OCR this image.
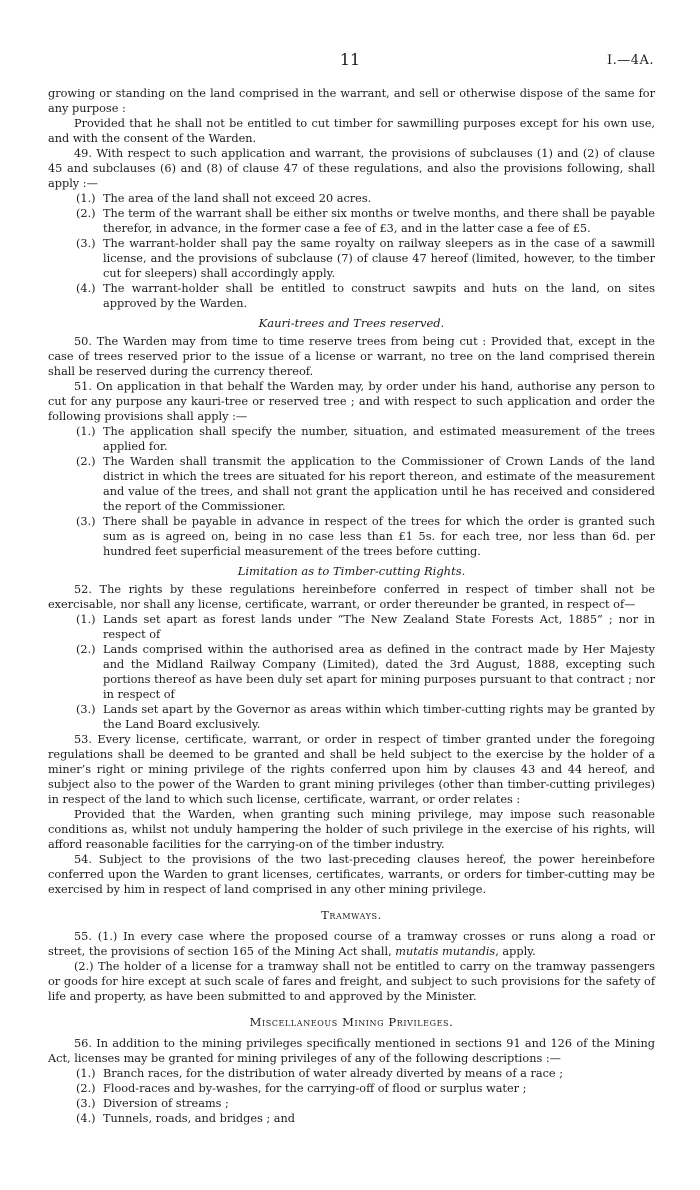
11	I.—4A.

growing or standing on the land comprised in the warrant, and sell or otherwise dispose of the same for any purpose :

Provided that he shall not be entitled to cut timber for sawmilling purposes except for his own use, and with the consent of the Warden.

49. With respect to such application and warrant, the provisions of subclauses (1) and (2) of clause 45 and subclauses (6) and (8) of clause 47 of these regulations, and also the provisions following, shall apply :—

(1.) The area of the land shall not exceed 20 acres.

(2.) The term of the warrant shall be either six months or twelve months, and there shall be payable therefor, in advance, in the former case a fee of £3, and in the latter case a fee of £5.

(3.) The warrant-holder shall pay the same royalty on railway sleepers as in the case of a sawmill license, and the provisions of subclause (7) of clause 47 hereof (limited, however, to the timber cut for sleepers) shall accordingly apply.

(4.) The warrant-holder shall be entitled to construct sawpits and huts on the land, on sites approved by the Warden.

Kauri-trees and Trees reserved.

50. The Warden may from time to time reserve trees from being cut : Provided that, except in the case of trees reserved prior to the issue of a license or warrant, no tree on the land comprised therein shall be reserved during the currency thereof.

51. On application in that behalf the Warden may, by order under his hand, authorise any person to cut for any purpose any kauri-tree or reserved tree ; and with respect to such application and order the following provisions shall apply :—

(1.) The application shall specify the number, situation, and estimated measurement of the trees applied for.

(2.) The Warden shall transmit the application to the Commissioner of Crown Lands of the land district in which the trees are situated for his report thereon, and estimate of the measurement and value of the trees, and shall not grant the application until he has received and considered the report of the Commissioner.

(3.) There shall be payable in advance in respect of the trees for which the order is granted such sum as is agreed on, being in no case less than £1 5s. for each tree, nor less than 6d. per hundred feet superficial measurement of the trees before cutting.

Limitation as to Timber-cutting Rights.

52. The rights by these regulations hereinbefore conferred in respect of timber shall not be exercisable, nor shall any license, certificate, warrant, or order thereunder be granted, in respect of—

(1.) Lands set apart as forest lands under “The New Zealand State Forests Act, 1885” ; nor in respect of

(2.) Lands comprised within the authorised area as defined in the contract made by Her Majesty and the Midland Railway Company (Limited), dated the 3rd August, 1888, excepting such portions thereof as have been duly set apart for mining purposes pursuant to that contract ; nor in respect of

(3.) Lands set apart by the Governor as areas within which timber-cutting rights may be granted by the Land Board exclusively.

53. Every license, certificate, warrant, or order in respect of timber granted under the foregoing regulations shall be deemed to be granted and shall be held subject to the exercise by the holder of a miner’s right or mining privilege of the rights conferred upon him by clauses 43 and 44 hereof, and subject also to the power of the Warden to grant mining privileges (other than timber-cutting privileges) in respect of the land to which such license, certificate, warrant, or order relates :

Provided that the Warden, when granting such mining privilege, may impose such reasonable conditions as, whilst not unduly hampering the holder of such privilege in the exercise of his rights, will afford reasonable facilities for the carrying-on of the timber industry.

54. Subject to the provisions of the two last-preceding clauses hereof, the power hereinbefore conferred upon the Warden to grant licenses, certificates, warrants, or orders for timber-cutting may be exercised by him in respect of land comprised in any other mining privilege.

Tramways.

55. (1.) In every case where the proposed course of a tramway crosses or runs along a road or street, the provisions of section 165 of the Mining Act shall, mutatis mutandis, apply.

(2.) The holder of a license for a tramway shall not be entitled to carry on the tramway passengers or goods for hire except at such scale of fares and freight, and subject to such provisions for the safety of life and property, as have been submitted to and approved by the Minister.

Miscellaneous Mining Privileges.

56. In addition to the mining privileges specifically mentioned in sections 91 and 126 of the Mining Act, licenses may be granted for mining privileges of any of the following descriptions :—

(1.) Branch races, for the distribution of water already diverted by means of a race ;

(2.) Flood-races and by-washes, for the carrying-off of flood or surplus water ;

(3.) Diversion of streams ;

(4.) Tunnels, roads, and bridges ; and
